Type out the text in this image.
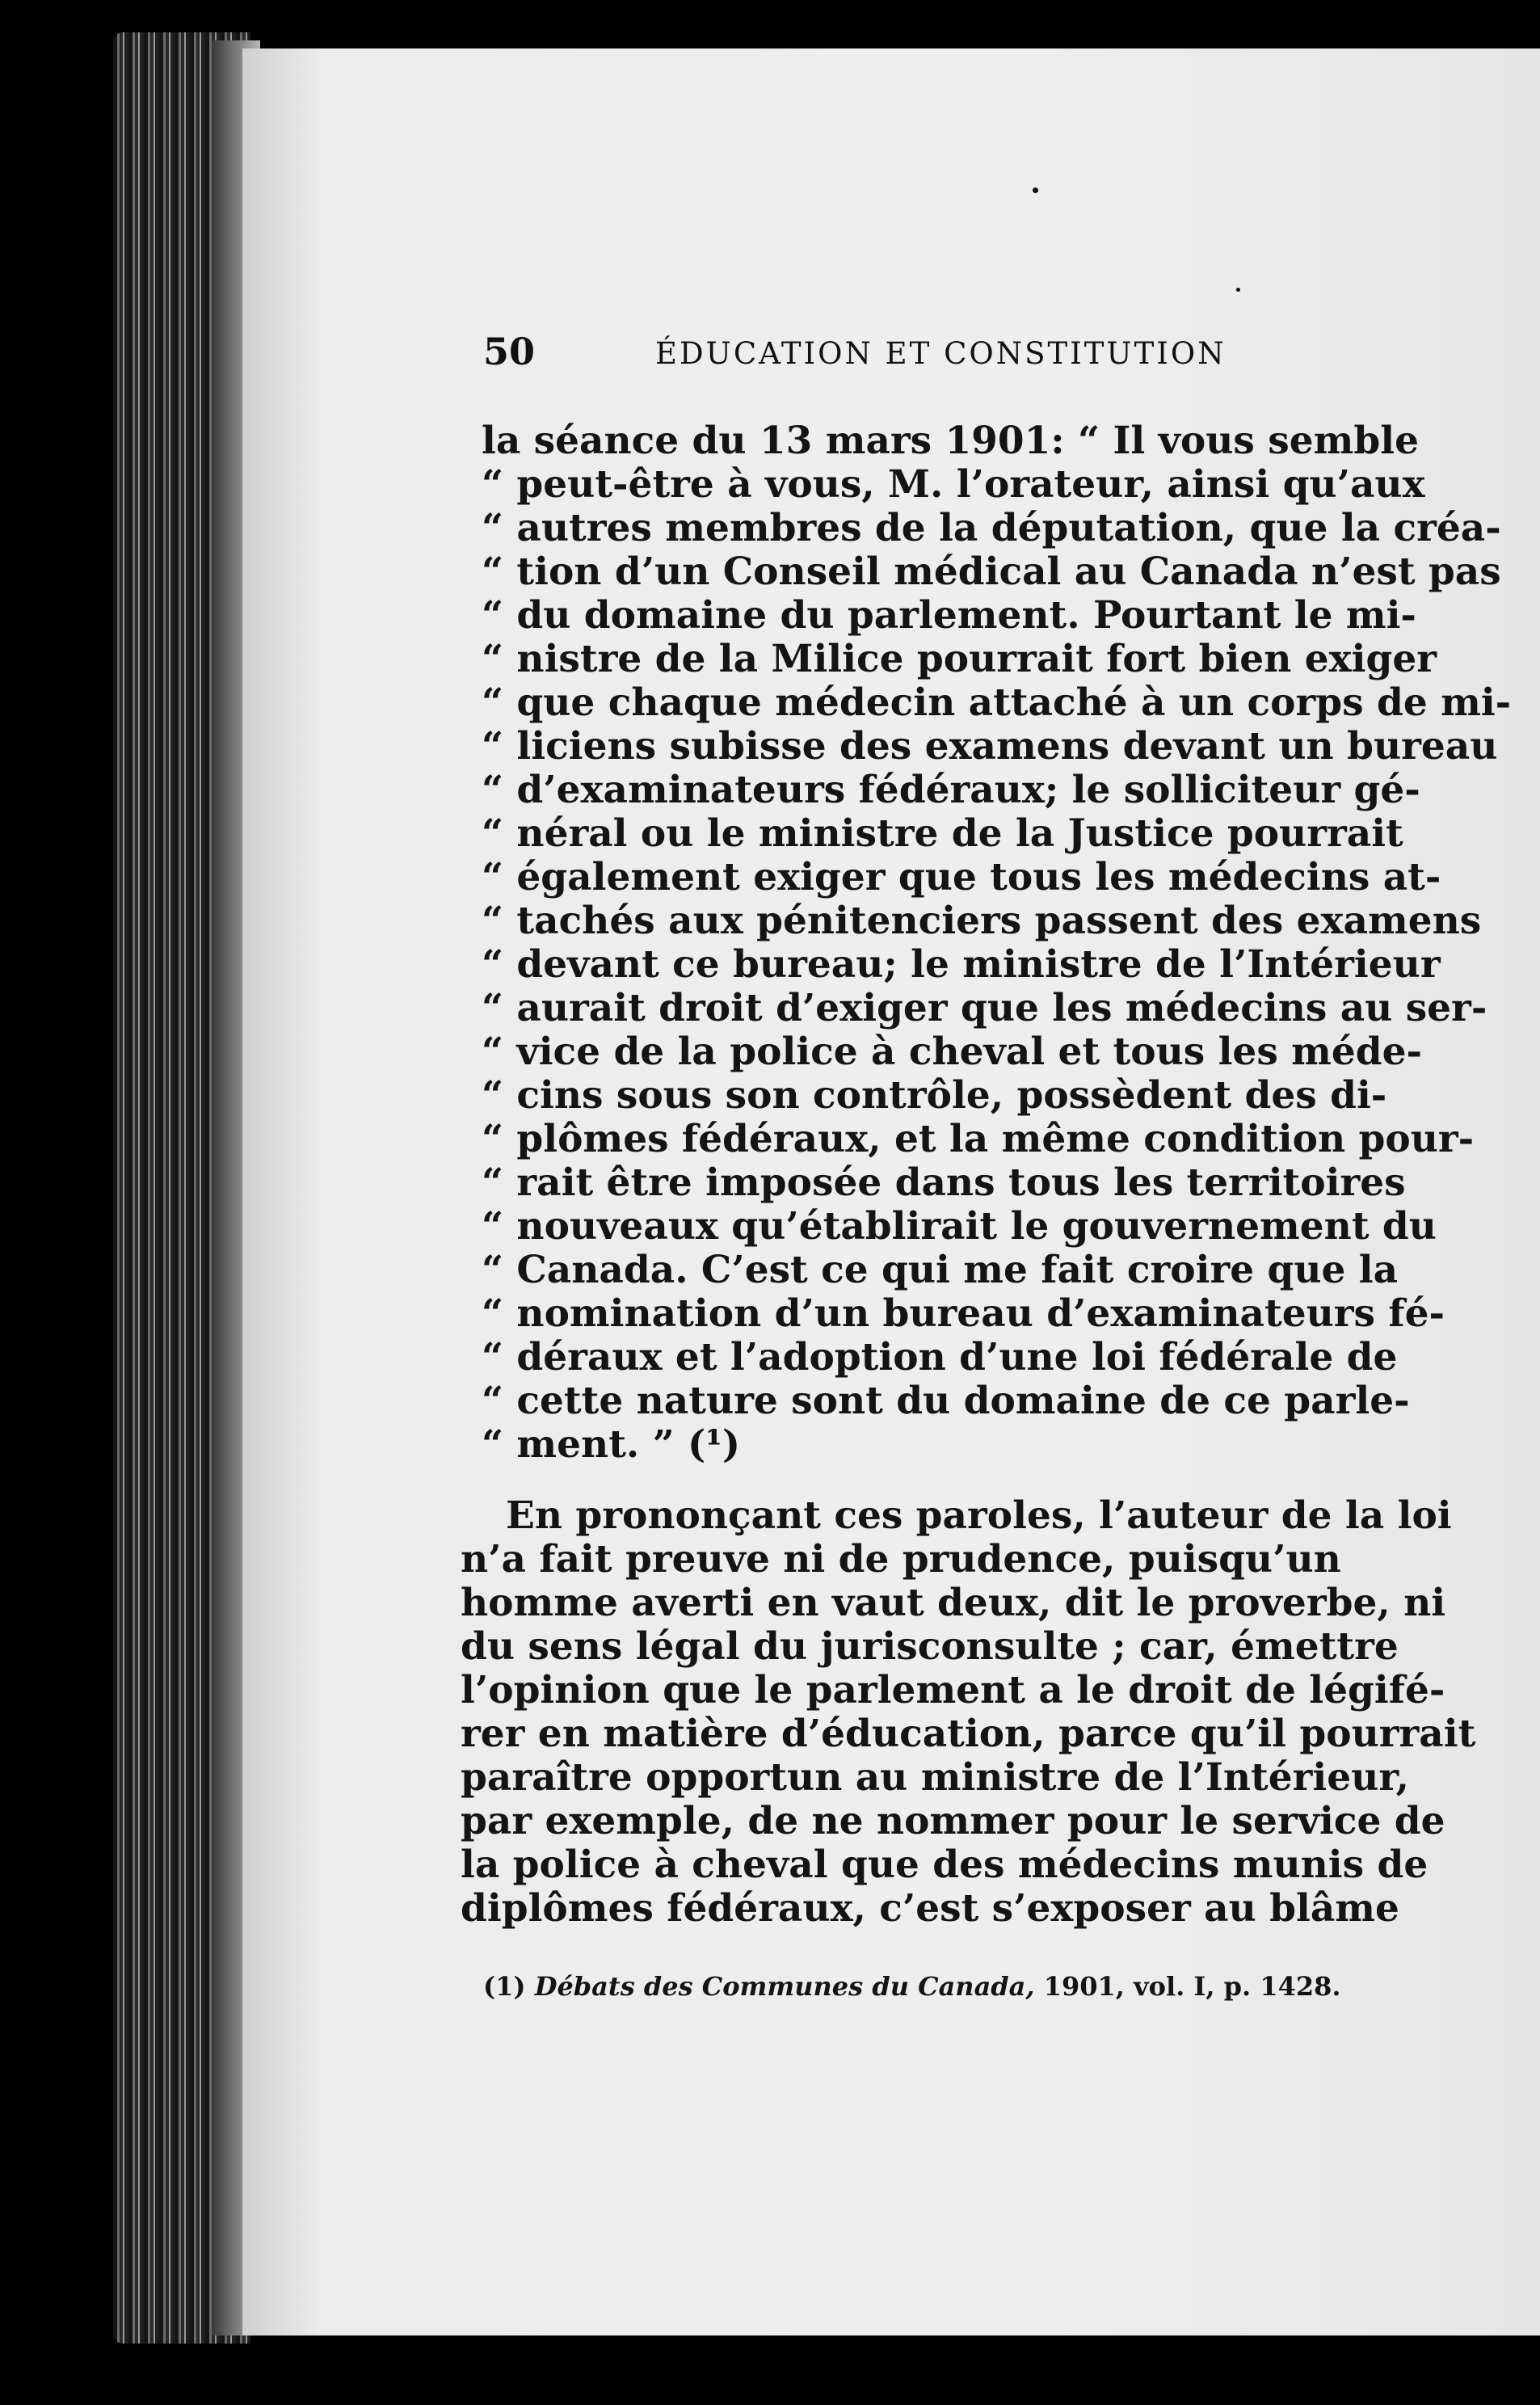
50	ÉDUCATION ET CONSTITUTION
la séance du 13 mars 1901: “ Il vous semble
“ peut-être à vous, M. l’orateur, ainsi qu’aux
“ autres membres de la députation, que la créa-
“ tion d’un Conseil médical au Canada n’est pas
“ du domaine du parlement. Pourtant le mi-
“ nistre de la Milice pourrait fort bien exiger
“ que chaque médecin attaché à un corps de mi-
“ liciens subisse des examens devant un bureau
“ d’examinateurs fédéraux; le solliciteur gé-
“ néral ou le ministre de la Justice pourrait
“ également exiger que tous les médecins at-
“ tachés aux pénitenciers passent des examens
“ devant ce bureau; le ministre de l’Intérieur
“ aurait droit d’exiger que les médecins au ser-
“ vice de la police à cheval et tous les méde-
“ cins sous son contrôle, possèdent des di-
“ plômes fédéraux, et la même condition pour-
“ rait être imposée dans tous les territoires
“ nouveaux qu’établirait le gouvernement du
“ Canada. C’est ce qui me fait croire que la
“ nomination d’un bureau d’examinateurs fé-
“ déraux et l’adoption d’une loi fédérale de
“ cette nature sont du domaine de ce parle-
“ ment. ” (¹)
En prononçant ces paroles, l’auteur de la loi
n’a fait preuve ni de prudence, puisqu’un
homme averti en vaut deux, dit le proverbe, ni
du sens légal du jurisconsulte ; car, émettre
l’opinion que le parlement a le droit de légifé-
rer en matière d’éducation, parce qu’il pourrait
paraître opportun au ministre de l’Intérieur,
par exemple, de ne nommer pour le service de
la police à cheval que des médecins munis de
diplômes fédéraux, c’est s’exposer au blâme
(1) Débats des Communes du Canada, 1901, vol. I, p. 1428.
